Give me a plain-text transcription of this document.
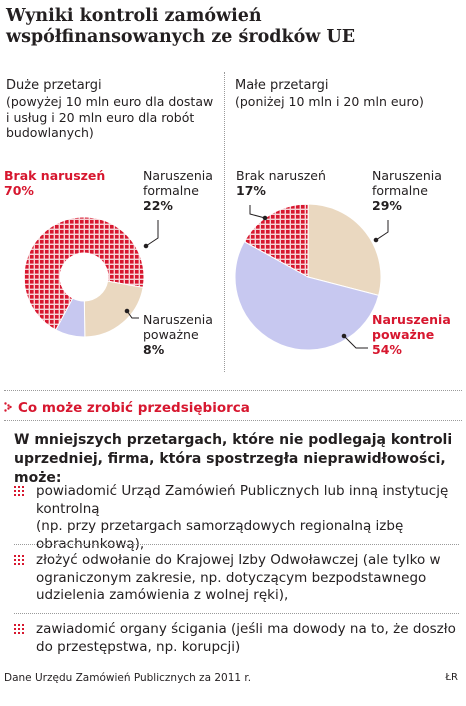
Wyniki kontroli zamówień współfinansowanych ze środków UE
Duże przetargi
(powyżej 10 mln euro dla dostaw i usług i 20 mln euro dla robót budowlanych)
Małe przetargi
(poniżej 10 mln i 20 mln euro)
Brak naruszeń
70%
Naruszenia
formalne
22%
Naruszenia
poważne
8%
Brak naruszeń
17%
Naruszenia
formalne
29%
Naruszenia
poważne
54%
Co może zrobić przedsiębiorca
W mniejszych przetargach, które nie podlegają kontroli uprzedniej, firma, która spostrzegła nieprawidłowości, może:
powiadomić Urząd Zamówień Publicznych lub inną instytucję kontrolną
(np. przy przetargach samorządowych regionalną izbę obrachunkową),
złożyć odwołanie do Krajowej Izby Odwoławczej (ale tylko w ograniczonym zakresie, np. dotyczącym bezpodstawnego udzielenia zamówienia z wolnej ręki),
zawiadomić organy ścigania (jeśli ma dowody na to, że doszło do przestępstwa, np. korupcji)
Dane Urzędu Zamówień Publicznych za 2011 r.	ŁR
